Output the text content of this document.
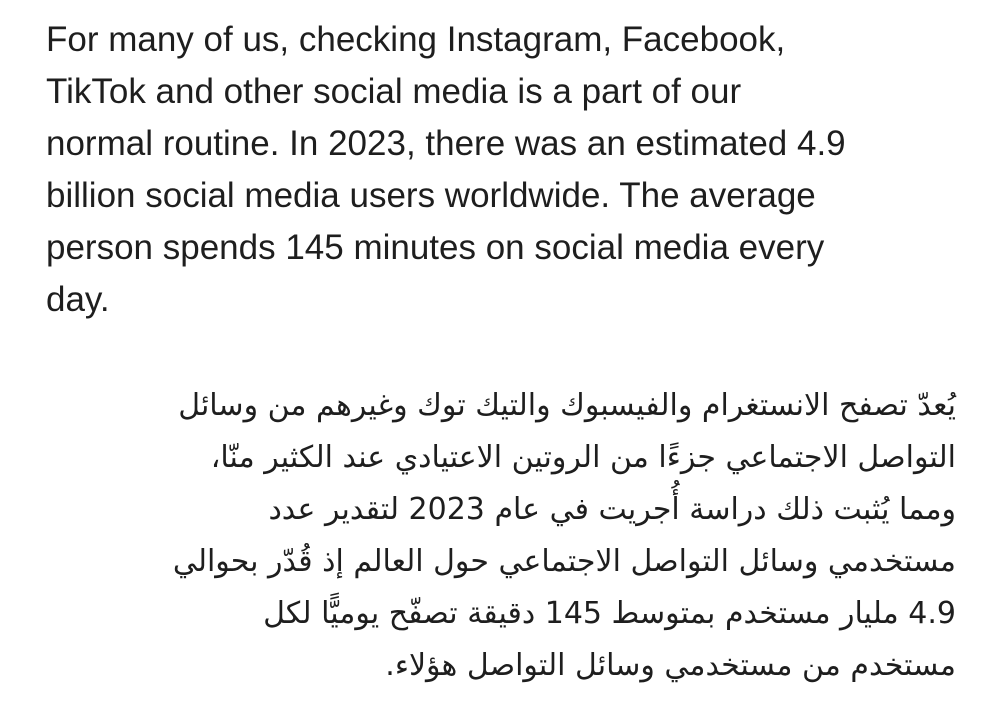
For many of us, checking Instagram, Facebook,
TikTok and other social media is a part of our
normal routine. In 2023, there was an estimated 4.9
billion social media users worldwide. The average
person spends 145 minutes on social media every
day.
يُعدّ تصفح الانستغرام والفيسبوك والتيك توك وغيرهم من وسائل
التواصل الاجتماعي جزءًا من الروتين الاعتيادي عند الكثير منّا،
ومما يُثبت ذلك دراسة أُجريت في عام 2023 لتقدير عدد
مستخدمي وسائل التواصل الاجتماعي حول العالم إذ قُدّر بحوالي
4.9 مليار مستخدم بمتوسط 145 دقيقة تصفّح يوميًّا لكل
مستخدم من مستخدمي وسائل التواصل هؤلاء.
